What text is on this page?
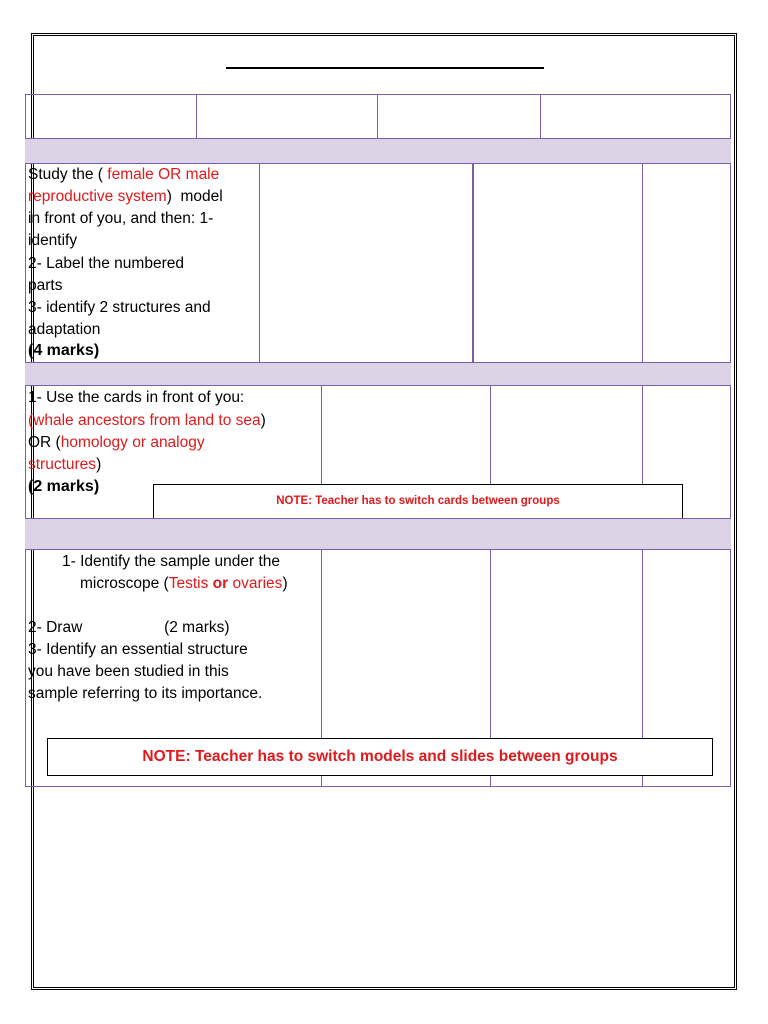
Study the ( female OR male
reproductive system)  model
in front of you, and then: 1-
identify
2- Label the numbered
parts
3- identify 2 structures and
adaptation
(4 marks)
1- Use the cards in front of you:
(whale ancestors from land to sea)
OR (homology or analogy
structures)
(2 marks)
NOTE: Teacher has to switch cards between groups
1- Identify the sample under the
microscope (Testis or ovaries)
2- Draw                   (2 marks)
3- Identify an essential structure
you have been studied in this
sample referring to its importance.
NOTE: Teacher has to switch models and slides between groups
